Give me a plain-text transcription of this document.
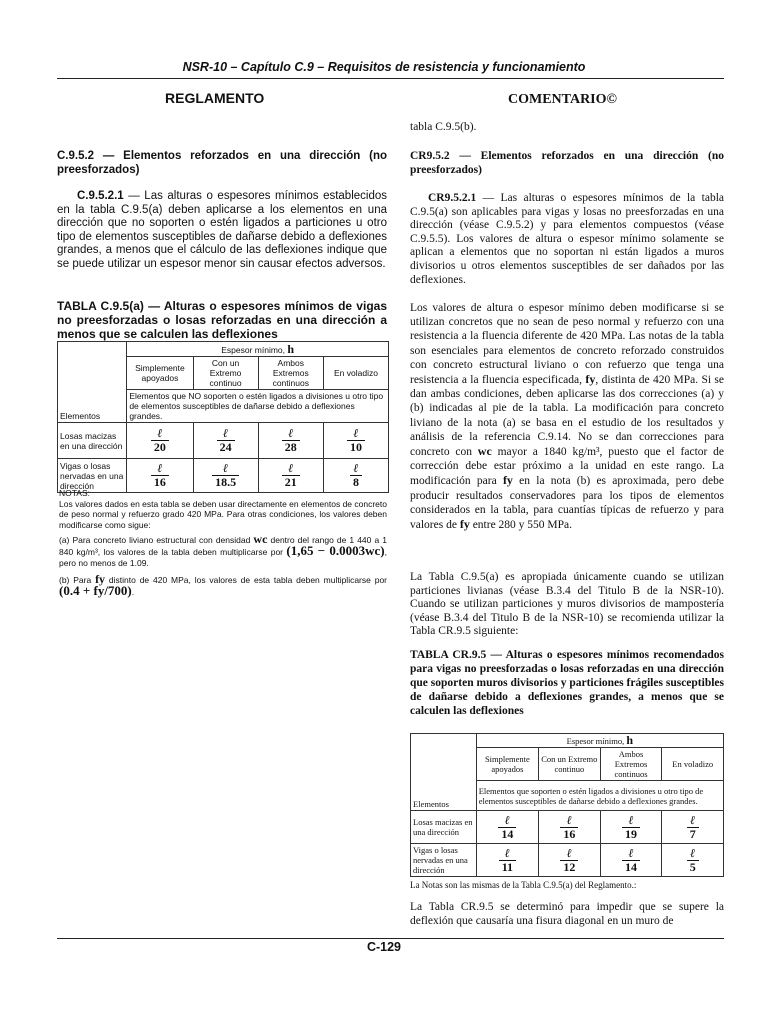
NSR-10 – Capítulo C.9 – Requisitos de resistencia y funcionamiento
REGLAMENTO

C.9.5.2 — Elementos reforzados en una dirección (no preesforzados)

C.9.5.2.1 — Las alturas o espesores mínimos establecidos en la tabla C.9.5(a) deben aplicarse a los elementos en una dirección que no soporten o estén ligados a particiones u otro tipo de elementos susceptibles de dañarse debido a deflexiones grandes, a menos que el cálculo de las deflexiones indique que se puede utilizar un espesor menor sin causar efectos adversos.

TABLA C.9.5(a) — Alturas o espesores mínimos de vigas no preesforzadas o losas reforzadas en una dirección a menos que se calculen las deflexiones

Elementos	Espesor mínimo, h			
	Simplemente apoyados	Con un Extremo continuo	Ambos Extremos continuos	En voladizo
	Elementos que NO soporten o estén ligados a divisiones u otro tipo de elementos susceptibles de dañarse debido a deflexiones grandes.			
Losas macizas en una dirección	$\frac{\text{ℓ}}{20}$	$\frac{\text{ℓ}}{24}$	$\frac{\text{ℓ}}{28}$	$\frac{\text{ℓ}}{10}$

Vigas o losas nervadas en una dirección	$\frac{\text{ℓ}}{16}$	$\frac{\text{ℓ}}{18.5}$	$\frac{\text{ℓ}}{21}$	$\frac{\text{ℓ}}{8}$
NOTAS:
Los valores dados en esta tabla se deben usar directamente en elementos de concreto de peso normal y refuerzo grado 420 MPa. Para otras condiciones, los valores deben modificarse como sigue:
(a) Para concreto liviano estructural con densidad wc dentro del rango de 1 440 a 1 840 kg/m³, los valores de la tabla deben multiplicarse por (1,65 − 0.0003wc), pero no menos de 1.09.
(b) Para fy distinto de 420 MPa, los valores de esta tabla deben multiplicarse por (0.4 + fy/700).
COMENTARIO©

tabla C.9.5(b).

CR9.5.2 — Elementos reforzados en una dirección (no preesforzados)

CR9.5.2.1 — Las alturas o espesores mínimos de la tabla C.9.5(a) son aplicables para vigas y losas no preesforzadas en una dirección (véase C.9.5.2) y para elementos compuestos (véase C.9.5.5). Los valores de altura o espesor mínimo solamente se aplican a elementos que no soportan ni están ligados a muros divisorios u otros elementos susceptibles de ser dañados por las deflexiones.

Los valores de altura o espesor mínimo deben modificarse si se utilizan concretos que no sean de peso normal y refuerzo con una resistencia a la fluencia diferente de 420 MPa. Las notas de la tabla son esenciales para elementos de concreto reforzado construidos con concreto estructural liviano o con refuerzo que tenga una resistencia a la fluencia especificada, fy, distinta de 420 MPa. Si se dan ambas condiciones, deben aplicarse las dos correcciones (a) y (b) indicadas al pie de la tabla. La modificación para concreto liviano de la nota (a) se basa en el estudio de los resultados y análisis de la referencia C.9.14. No se dan correcciones para concreto con wc mayor a 1840 kg/m³, puesto que el factor de corrección debe estar próximo a la unidad en este rango. La modificación para fy en la nota (b) es aproximada, pero debe producir resultados conservadores para los tipos de elementos considerados en la tabla, para cuantías típicas de refuerzo y para valores de fy entre 280 y 550 MPa.

La Tabla C.9.5(a) es apropiada únicamente cuando se utilizan particiones livianas (véase B.3.4 del Titulo B de la NSR-10). Cuando se utilizan particiones y muros divisorios de mampostería (véase B.3.4 del Titulo B de la NSR-10) se recomienda utilizar la Tabla CR.9.5 siguiente:

TABLA CR.9.5 — Alturas o espesores mínimos recomendados para vigas no preesforzadas o losas reforzadas en una dirección que soporten muros divisorios y particiones frágiles susceptibles de dañarse debido a deflexiones grandes, a menos que se calculen las deflexiones

Elementos	Espesor mínimo, h			
	Simplemente apoyados	Con un Extremo continuo	Ambos Extremos continuos	En voladizo
	Elementos que soporten o estén ligados a divisiones u otro tipo de elementos susceptibles de dañarse debido a deflexiones grandes.			
Losas macizas en una dirección	$\frac{\text{ℓ}}{14}$	$\frac{\text{ℓ}}{16}$	$\frac{\text{ℓ}}{19}$	$\frac{\text{ℓ}}{7}$

Vigas o losas nervadas en una dirección	$\frac{\text{ℓ}}{11}$	$\frac{\text{ℓ}}{12}$	$\frac{\text{ℓ}}{14}$	$\frac{\text{ℓ}}{5}$

La Notas son las mismas de la Tabla C.9.5(a) del Reglamento.:

La Tabla CR.9.5 se determinó para impedir que se supere la deflexión que causaría una fisura diagonal en un muro de

C-129
